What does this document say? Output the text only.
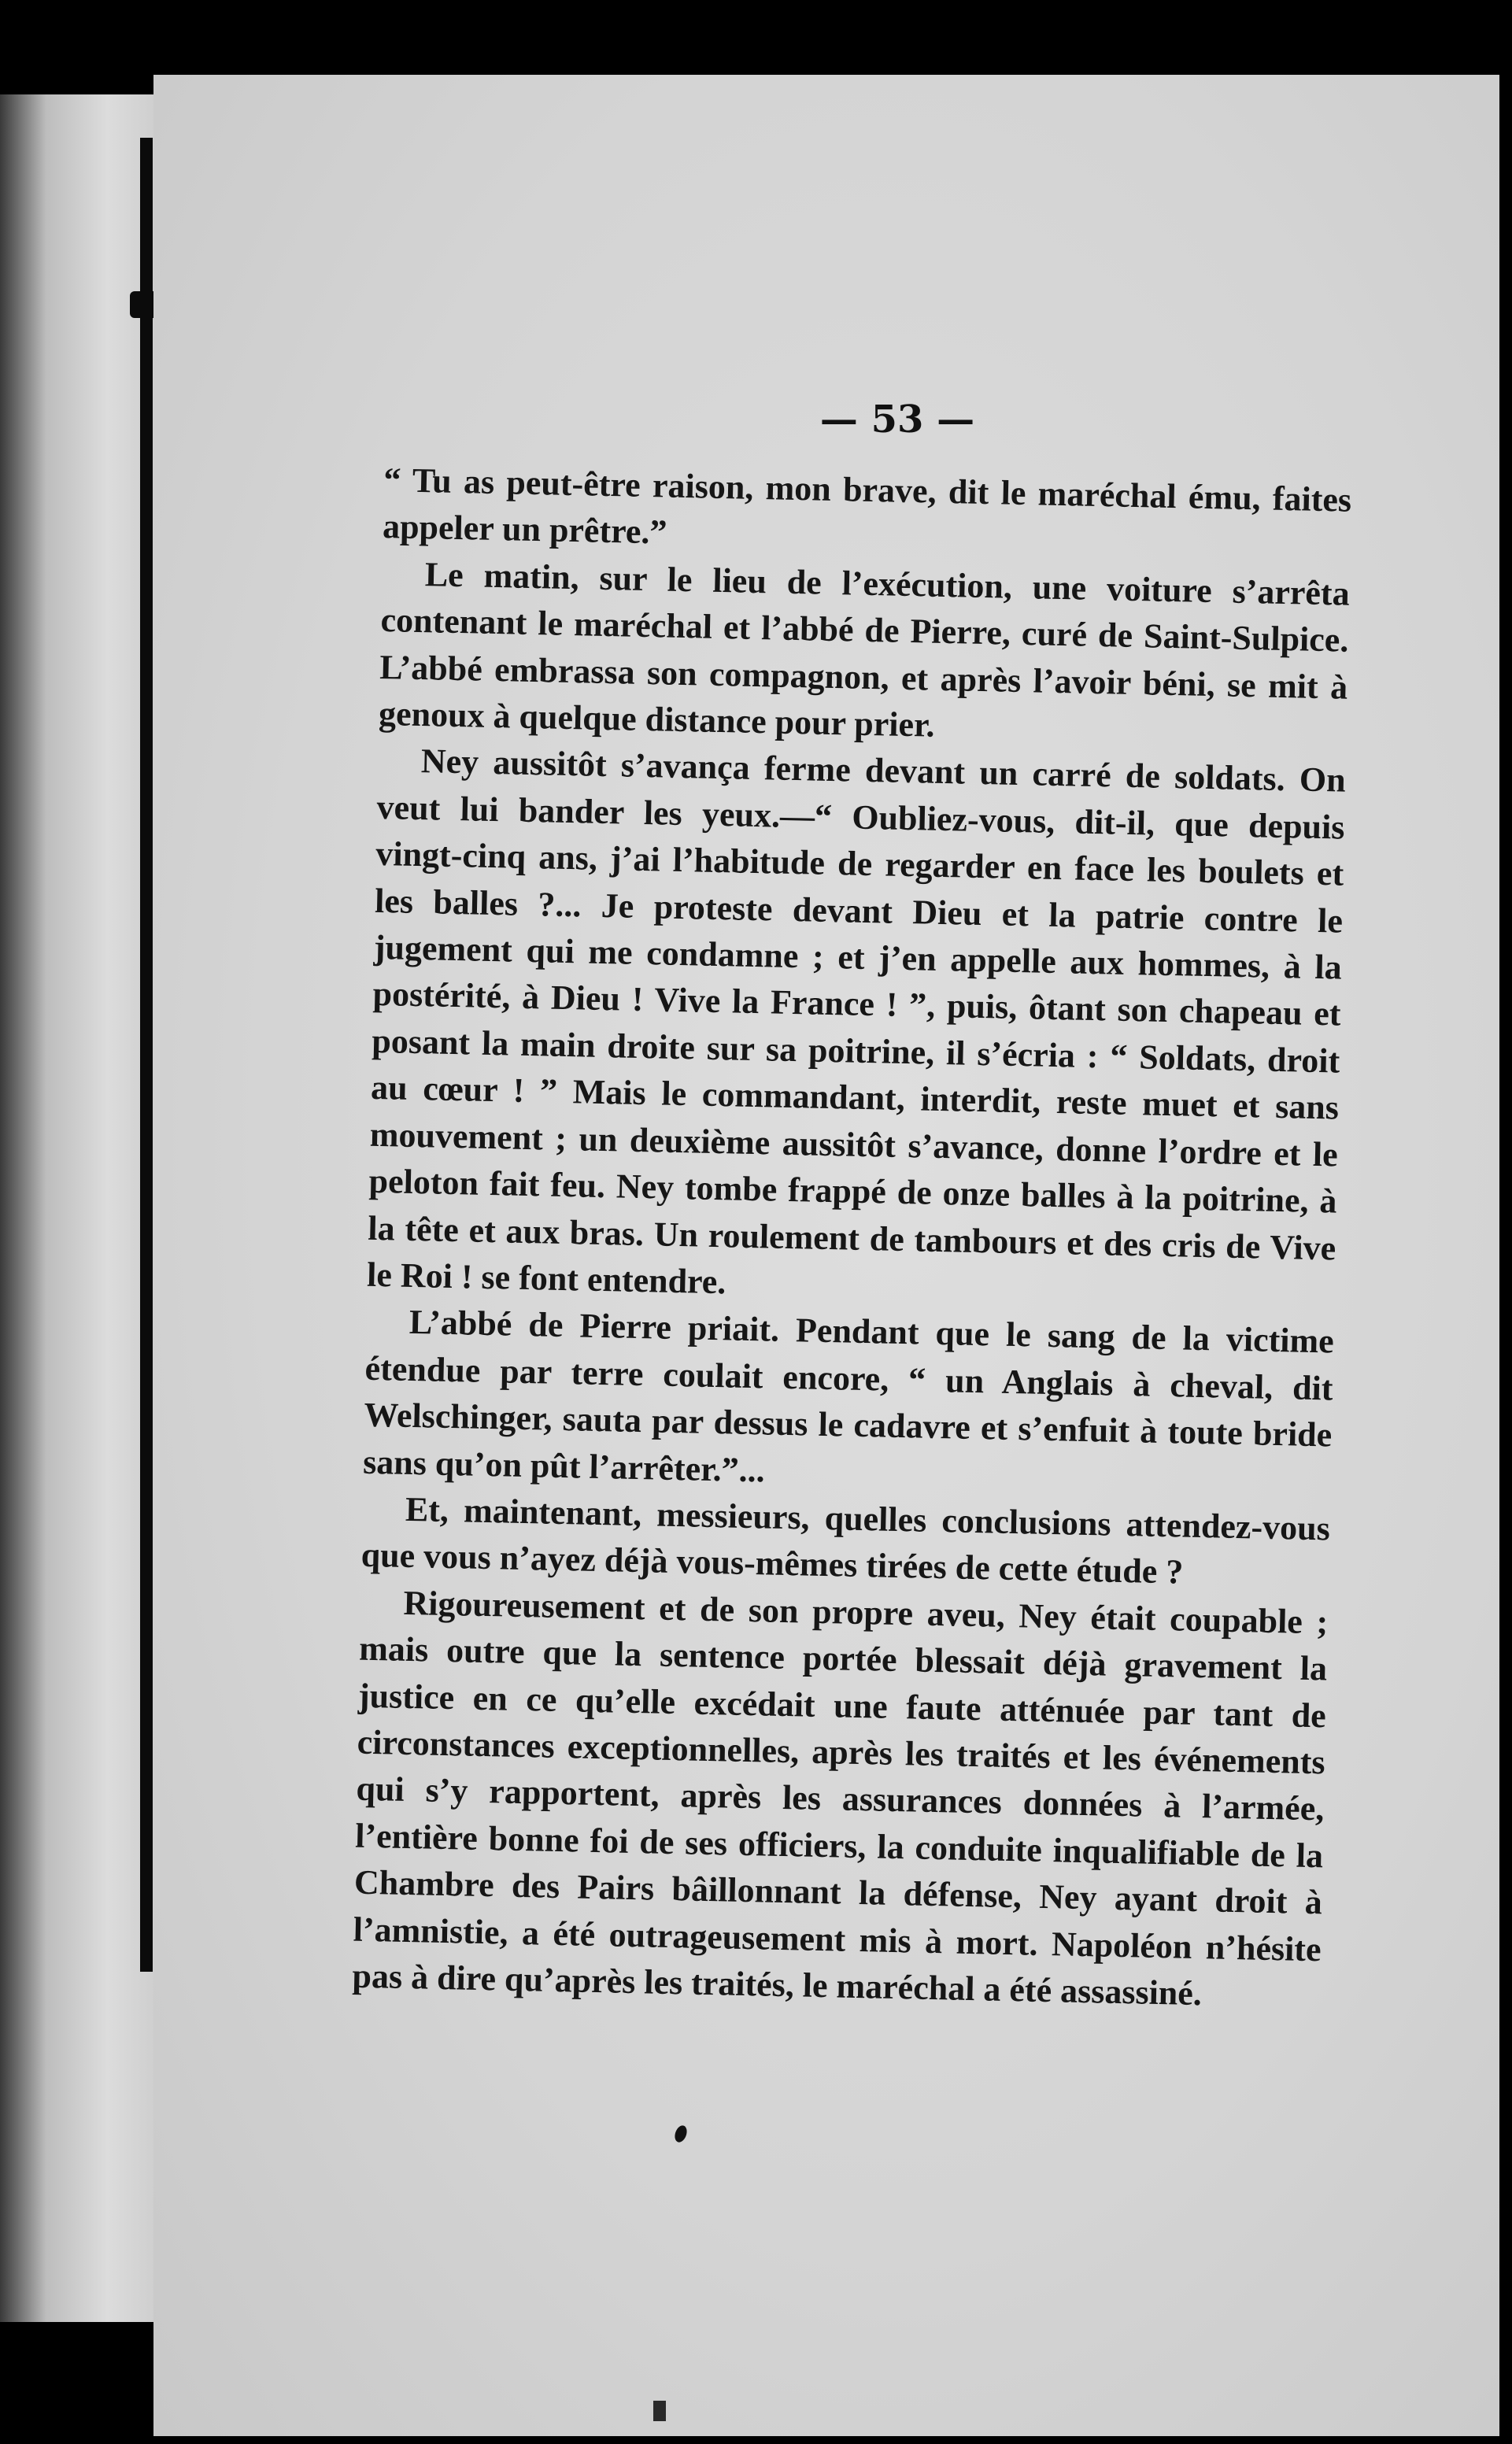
— 53 —

“ Tu as peut-être raison, mon brave, dit le maréchal ému, faites appeler un prêtre.”

Le matin, sur le lieu de l’exécution, une voiture s’arrêta contenant le maréchal et l’abbé de Pierre, curé de Saint-Sulpice. L’abbé embrassa son compagnon, et après l’avoir béni, se mit à genoux à quelque distance pour prier.

Ney aussitôt s’avança ferme devant un carré de soldats. On veut lui bander les yeux.—“ Oubliez-vous, dit-il, que depuis vingt-cinq ans, j’ai l’habitude de regarder en face les boulets et les balles ?... Je proteste devant Dieu et la patrie contre le jugement qui me condamne ; et j’en appelle aux hommes, à la postérité, à Dieu ! Vive la France ! ”, puis, ôtant son chapeau et posant la main droite sur sa poitrine, il s’écria : “ Soldats, droit au cœur ! ” Mais le commandant, interdit, reste muet et sans mouvement ; un deuxième aussitôt s’avance, donne l’ordre et le peloton fait feu. Ney tombe frappé de onze balles à la poitrine, à la tête et aux bras. Un roulement de tambours et des cris de Vive le Roi ! se font entendre.

L’abbé de Pierre priait. Pendant que le sang de la victime étendue par terre coulait encore, “ un Anglais à cheval, dit Welschinger, sauta par dessus le cadavre et s’enfuit à toute bride sans qu’on pût l’arrêter.”...

Et, maintenant, messieurs, quelles conclusions attendez-vous que vous n’ayez déjà vous-mêmes tirées de cette étude ?

Rigoureusement et de son propre aveu, Ney était coupable ; mais outre que la sentence portée blessait déjà gravement la justice en ce qu’elle excédait une faute atténuée par tant de circonstances exceptionnelles, après les traités et les événements qui s’y rapportent, après les assurances données à l’armée, l’entière bonne foi de ses officiers, la conduite inqualifiable de la Chambre des Pairs bâillonnant la défense, Ney ayant droit à l’amnistie, a été outrageusement mis à mort. Napoléon n’hésite pas à dire qu’après les traités, le maréchal a été assassiné.
